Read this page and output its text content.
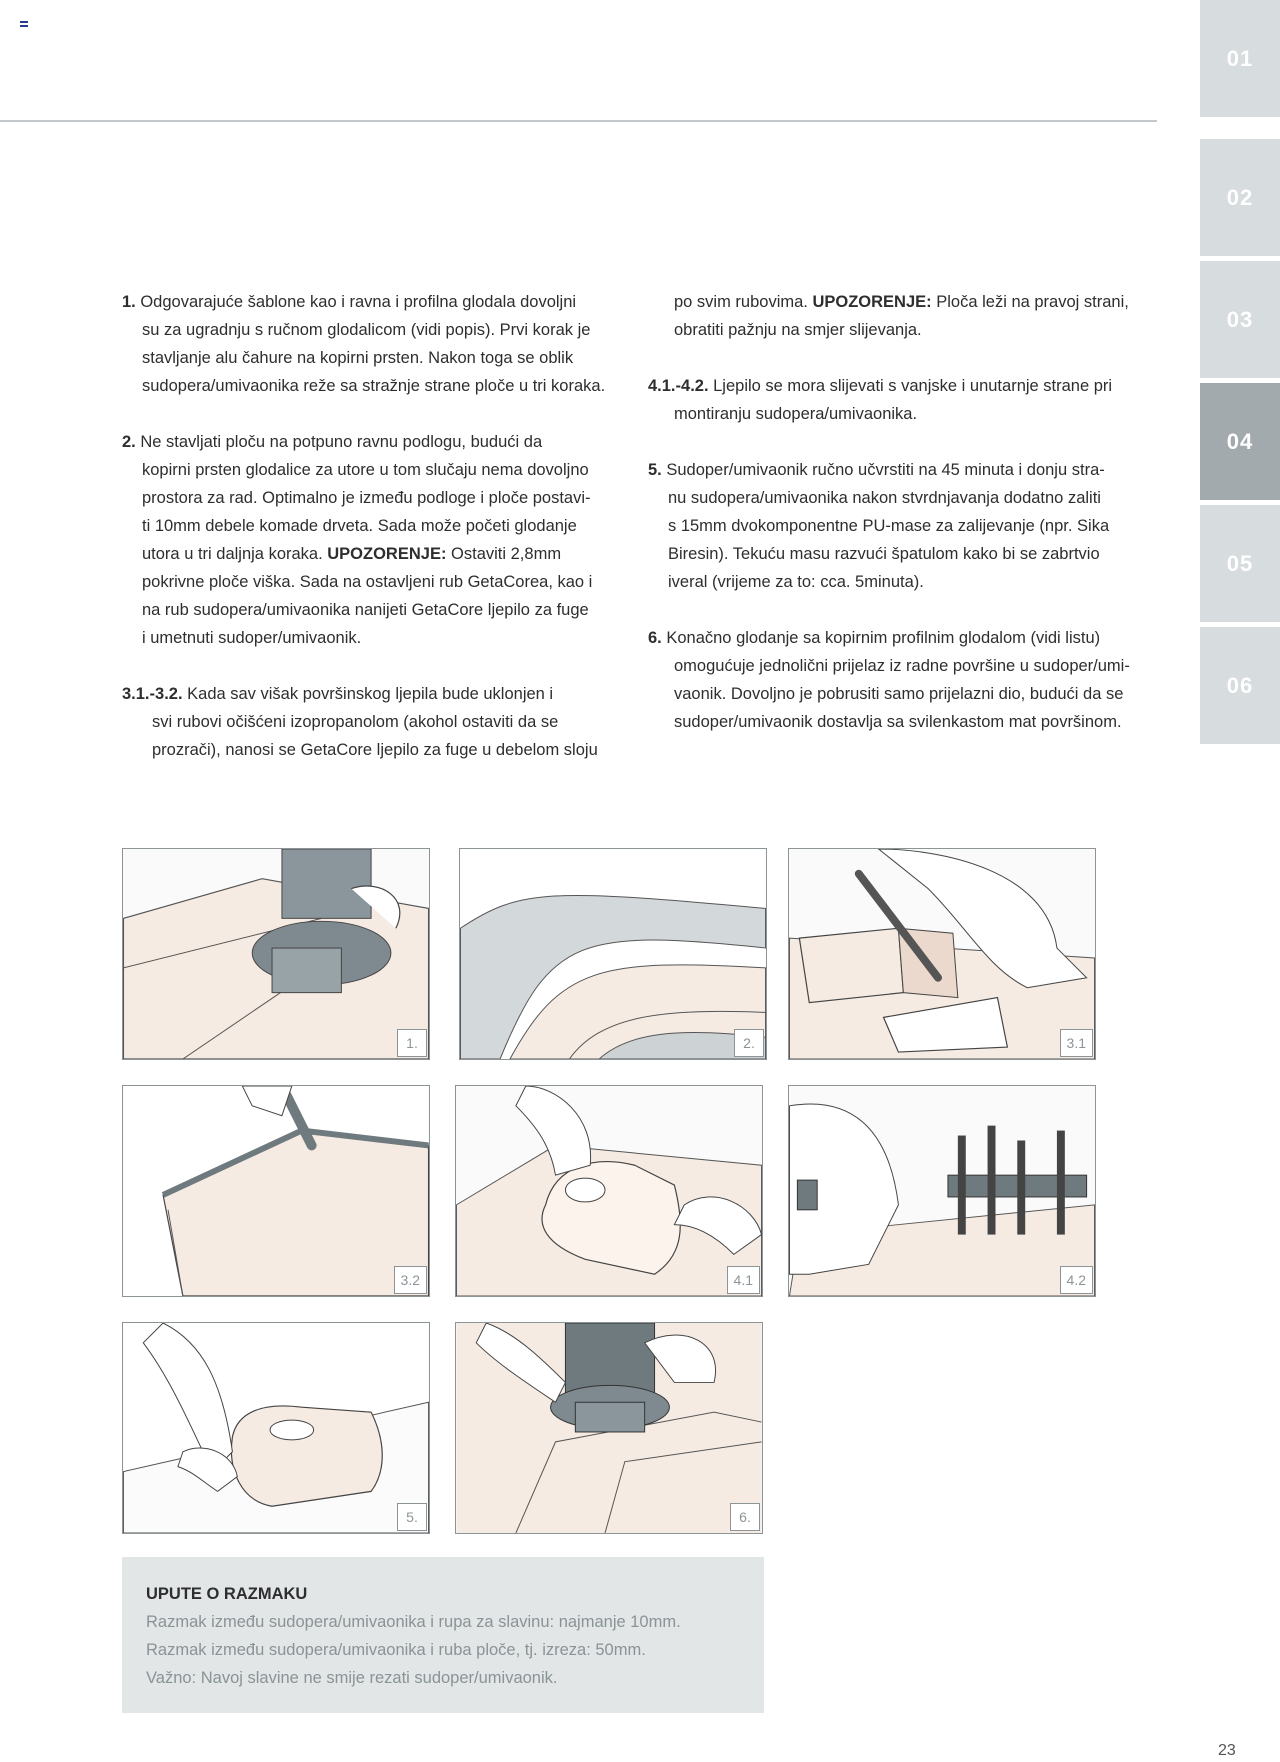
01
02
03
04
05
06
1. Odgovarajuće šablone kao i ravna i profilna glodala dovoljni
su za ugradnju s ručnom glodalicom (vidi popis). Prvi korak je
stavljanje alu čahure na kopirni prsten. Nakon toga se oblik
sudopera/umivaonika reže sa stražnje strane ploče u tri koraka.
2. Ne stavljati ploču na potpuno ravnu podlogu, budući da
kopirni prsten glodalice za utore u tom slučaju nema dovoljno
prostora za rad. Optimalno je između podloge i ploče postavi-
ti 10mm debele komade drveta. Sada može početi glodanje
utora u tri daljnja koraka. UPOZORENJE: Ostaviti 2,8mm
pokrivne ploče viška. Sada na ostavljeni rub GetaCorea, kao i
na rub sudopera/umivaonika nanijeti GetaCore ljepilo za fuge
i umetnuti sudoper/umivaonik.
3.1.-3.2. Kada sav višak površinskog ljepila bude uklonjen i
svi rubovi očišćeni izopropanolom (akohol ostaviti da se
prozrači), nanosi se GetaCore ljepilo za fuge u debelom sloju
po svim rubovima. UPOZORENJE: Ploča leži na pravoj strani,
obratiti pažnju na smjer slijevanja.
4.1.-4.2. Ljepilo se mora slijevati s vanjske i unutarnje strane pri
montiranju sudopera/umivaonika.
5. Sudoper/umivaonik ručno učvrstiti na 45 minuta i donju stra-
nu sudopera/umivaonika nakon stvrdnjavanja dodatno zaliti
s 15mm dvokomponentne PU-mase za zalijevanje (npr. Sika
Biresin). Tekuću masu razvući špatulom kako bi se zabrtvio
iveral (vrijeme za to: cca. 5minuta).
6. Konačno glodanje sa kopirnim profilnim glodalom (vidi listu)
omogućuje jednolični prijelaz iz radne površine u sudoper/umi-
vaonik. Dovoljno je pobrusiti samo prijelazni dio, budući da se
sudoper/umivaonik dostavlja sa svilenkastom mat površinom.
1.	2.	3.1
3.2	4.1	4.2
5.	6.
UPUTE O RAZMAKU
Razmak između sudopera/umivaonika i rupa za slavinu: najmanje 10mm.
Razmak između sudopera/umivaonika i ruba ploče, tj. izreza: 50mm.
Važno: Navoj slavine ne smije rezati sudoper/umivaonik.
23
